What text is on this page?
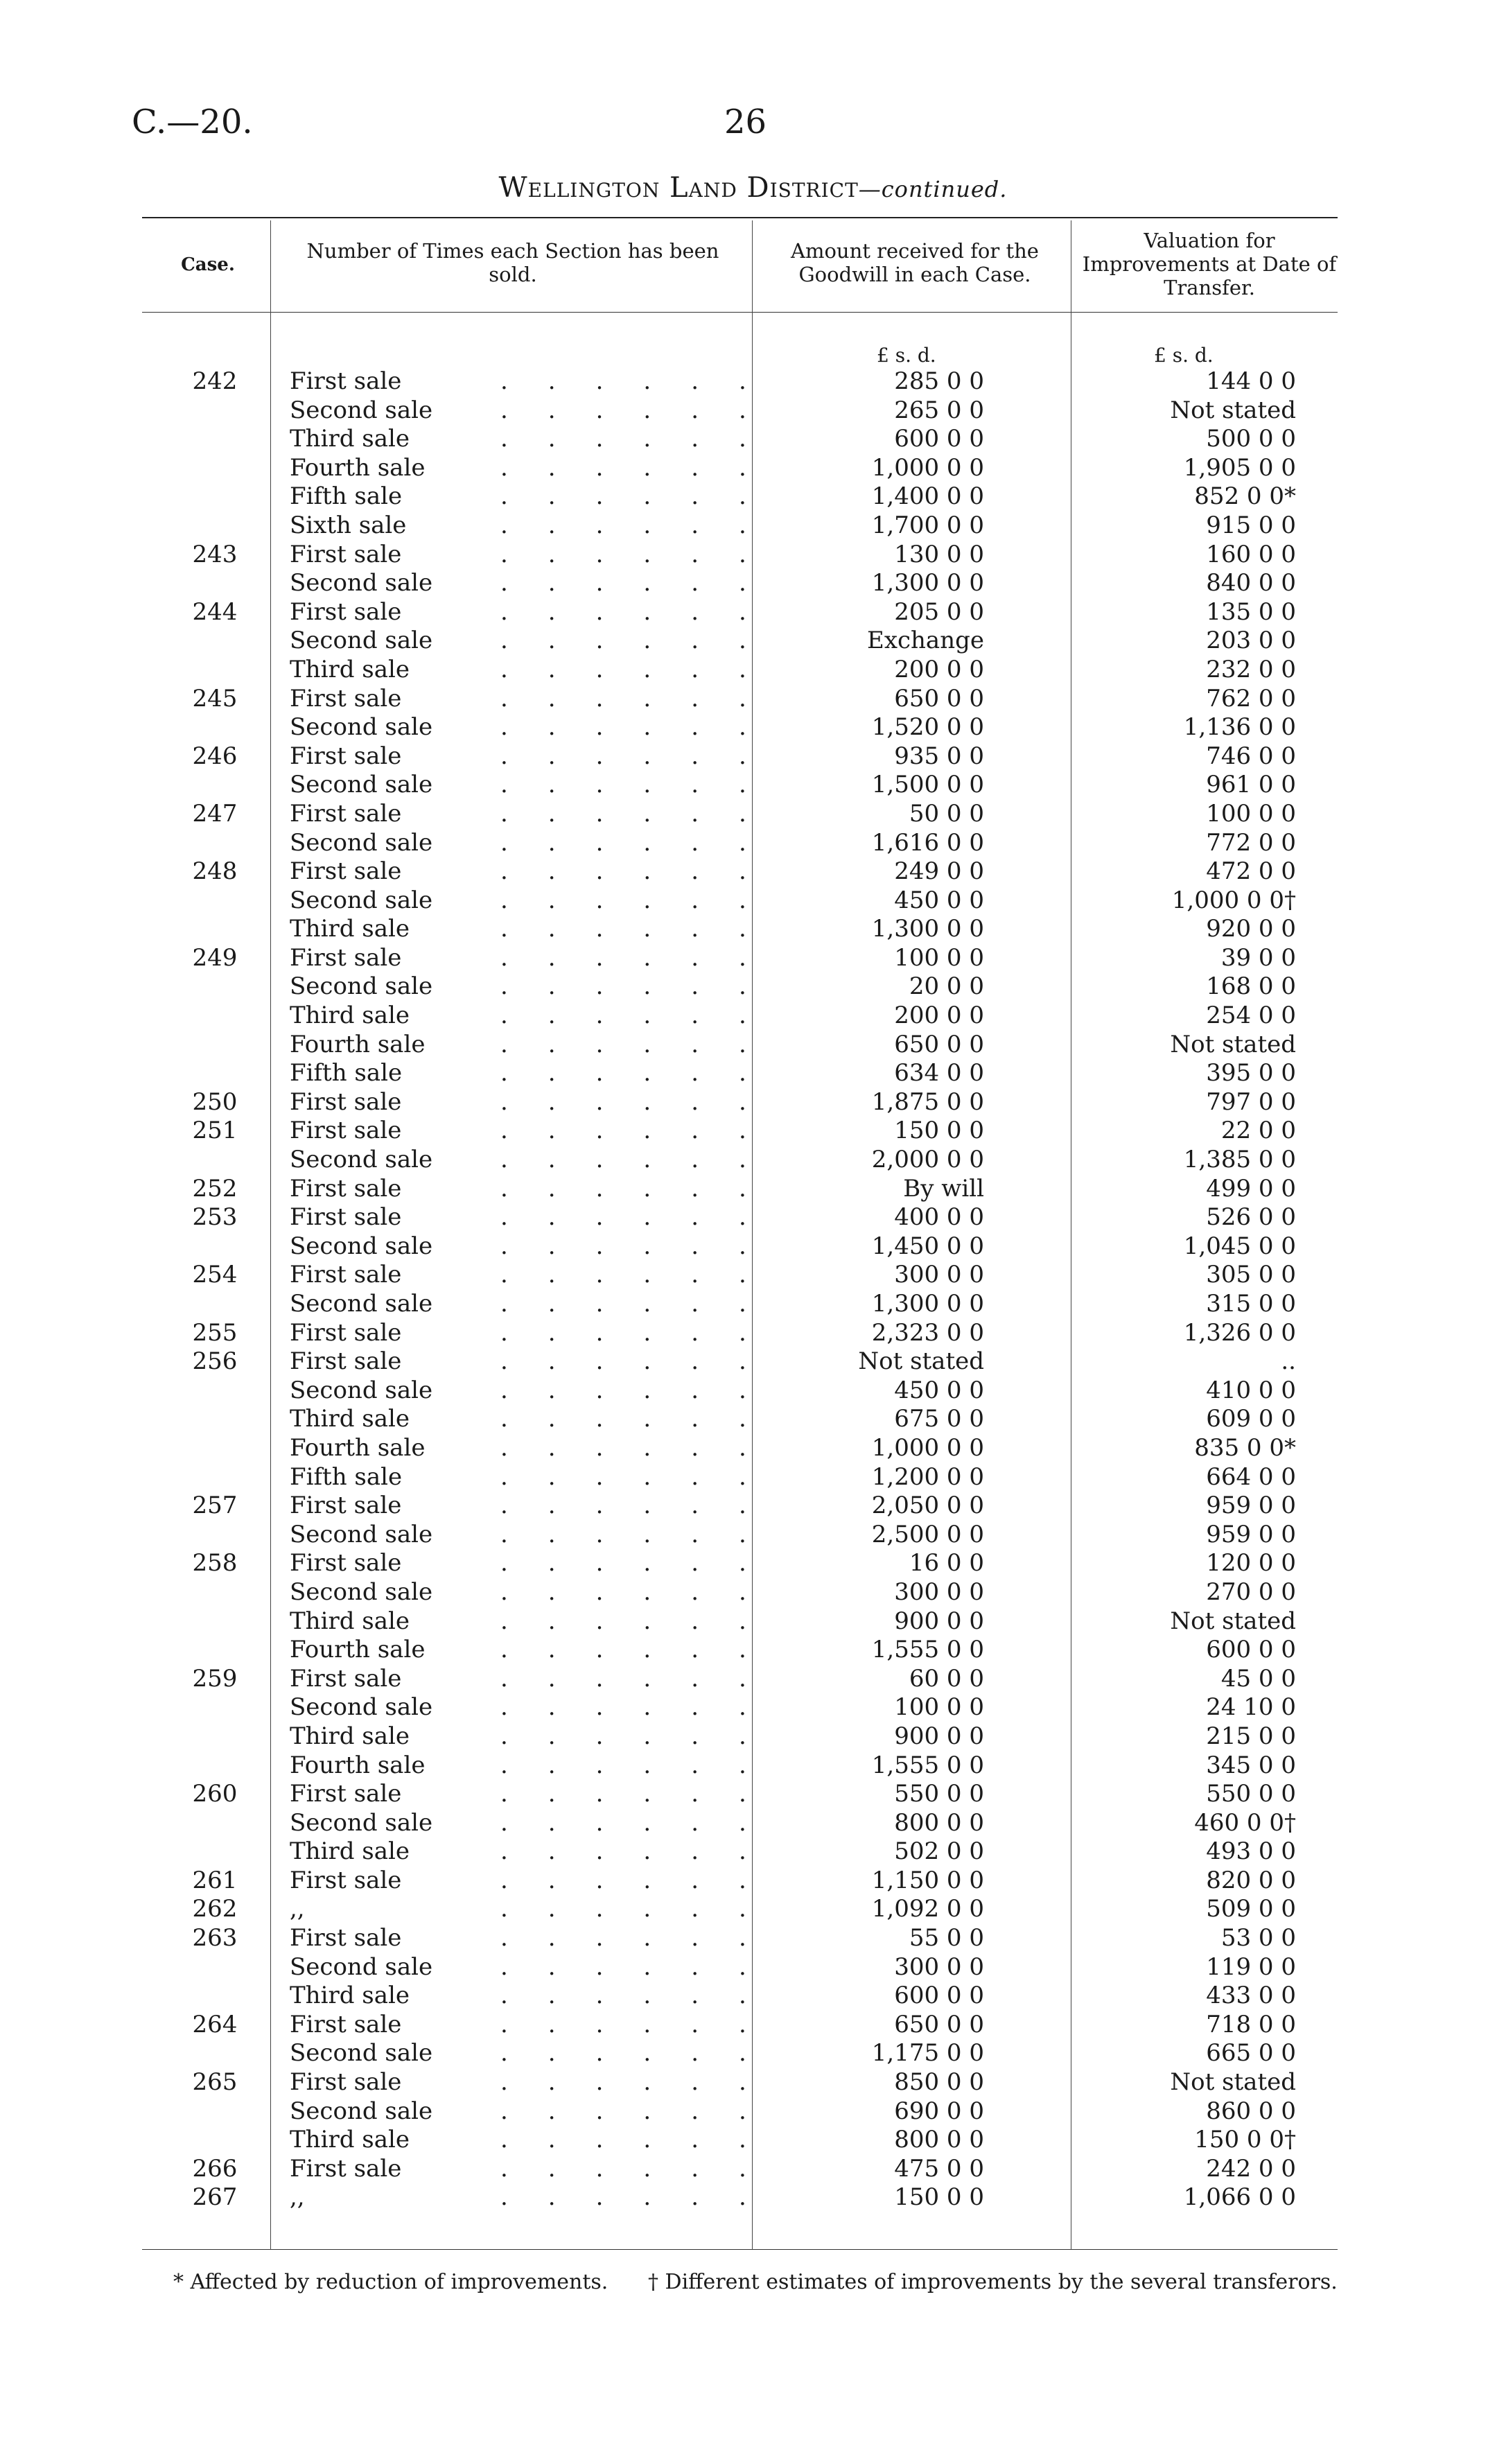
C.—20.	26
Wellington Land District—continued.
Case.
Number of Times each Section has been sold.
Amount received for the Goodwill in each Case.
Valuation for Improvements at Date of Transfer.
£ s. d.	£ s. d.
242	First sale	......	285 0 0	144 0 0
Second sale	......	265 0 0	Not stated
Third sale	......	600 0 0	500 0 0
Fourth sale	......	1,000 0 0	1,905 0 0
Fifth sale	......	1,400 0 0	852 0 0*
Sixth sale	......	1,700 0 0	915 0 0
243	First sale	......	130 0 0	160 0 0
Second sale	......	1,300 0 0	840 0 0
244	First sale	......	205 0 0	135 0 0
Second sale	......	Exchange	203 0 0
Third sale	......	200 0 0	232 0 0
245	First sale	......	650 0 0	762 0 0
Second sale	......	1,520 0 0	1,136 0 0
246	First sale	......	935 0 0	746 0 0
Second sale	......	1,500 0 0	961 0 0
247	First sale	......	50 0 0	100 0 0
Second sale	......	1,616 0 0	772 0 0
248	First sale	......	249 0 0	472 0 0
Second sale	......	450 0 0	1,000 0 0†
Third sale	......	1,300 0 0	920 0 0
249	First sale	......	100 0 0	39 0 0
Second sale	......	20 0 0	168 0 0
Third sale	......	200 0 0	254 0 0
Fourth sale	......	650 0 0	Not stated
Fifth sale	......	634 0 0	395 0 0
250	First sale	......	1,875 0 0	797 0 0
251	First sale	......	150 0 0	22 0 0
Second sale	......	2,000 0 0	1,385 0 0
252	First sale	......	By will	499 0 0
253	First sale	......	400 0 0	526 0 0
Second sale	......	1,450 0 0	1,045 0 0
254	First sale	......	300 0 0	305 0 0
Second sale	......	1,300 0 0	315 0 0
255	First sale	......	2,323 0 0	1,326 0 0
256	First sale	......	Not stated	..
Second sale	......	450 0 0	410 0 0
Third sale	......	675 0 0	609 0 0
Fourth sale	......	1,000 0 0	835 0 0*
Fifth sale	......	1,200 0 0	664 0 0
257	First sale	......	2,050 0 0	959 0 0
Second sale	......	2,500 0 0	959 0 0
258	First sale	......	16 0 0	120 0 0
Second sale	......	300 0 0	270 0 0
Third sale	......	900 0 0	Not stated
Fourth sale	......	1,555 0 0	600 0 0
259	First sale	......	60 0 0	45 0 0
Second sale	......	100 0 0	24 10 0
Third sale	......	900 0 0	215 0 0
Fourth sale	......	1,555 0 0	345 0 0
260	First sale	......	550 0 0	550 0 0
Second sale	......	800 0 0	460 0 0†
Third sale	......	502 0 0	493 0 0
261	First sale	......	1,150 0 0	820 0 0
262	,,	......	1,092 0 0	509 0 0
263	First sale	......	55 0 0	53 0 0
Second sale	......	300 0 0	119 0 0
Third sale	......	600 0 0	433 0 0
264	First sale	......	650 0 0	718 0 0
Second sale	......	1,175 0 0	665 0 0
265	First sale	......	850 0 0	Not stated
Second sale	......	690 0 0	860 0 0
Third sale	......	800 0 0	150 0 0†
266	First sale	......	475 0 0	242 0 0
267	,,	......	150 0 0	1,066 0 0
* Affected by reduction of improvements. † Different estimates of improvements by the several transferors.
